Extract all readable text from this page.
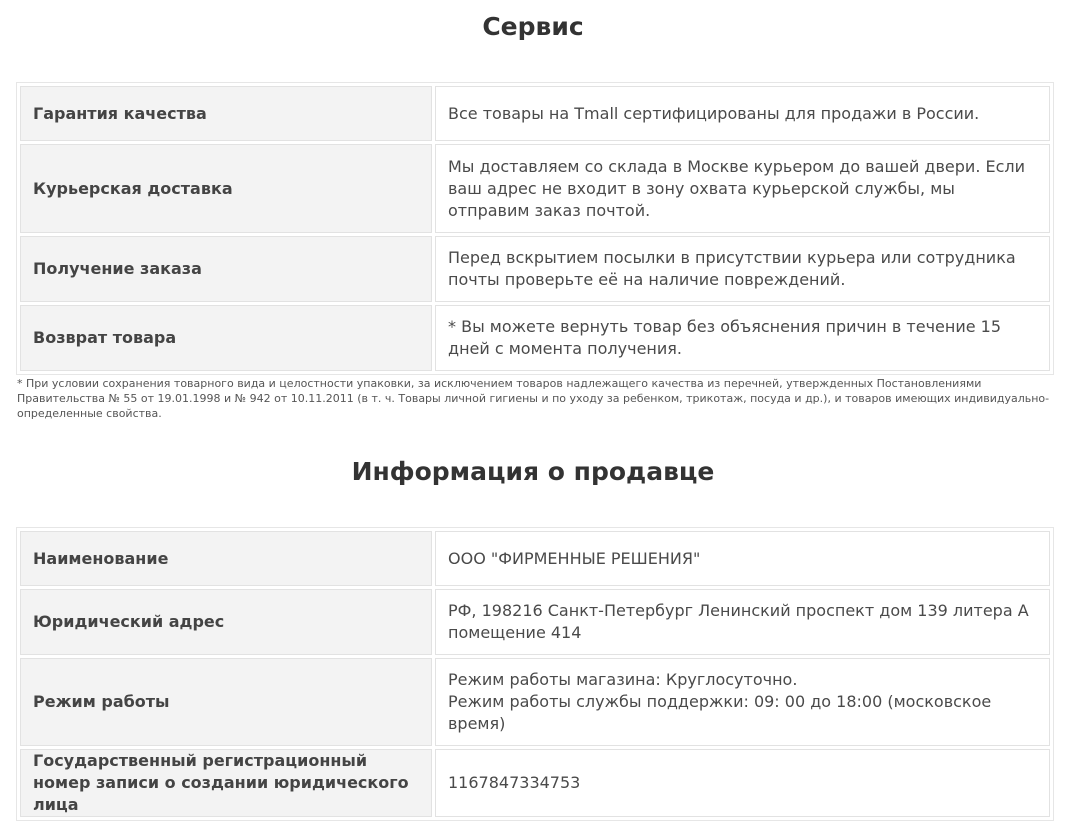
Сервис
Гарантия качества	Все товары на Tmall сертифицированы для продажи в России.
Курьерская доставка	Мы доставляем со склада в Москве курьером до вашей двери. Если ваш адрес не входит в зону охвата курьерской службы, мы отправим заказ почтой.
Получение заказа	Перед вскрытием посылки в присутствии курьера или сотрудника почты проверьте её на наличие повреждений.
Возврат товара	* Вы можете вернуть товар без объяснения причин в течение 15 дней с момента получения.

* При условии сохранения товарного вида и целостности упаковки, за исключением товаров надлежащего качества из перечней, утвержденных Постановлениями Правительства № 55 от 19.01.1998 и № 942 от 10.11.2011 (в т. ч. Товары личной гигиены и по уходу за ребенком, трикотаж, посуда и др.), и товаров имеющих индивидуально-определенные свойства.

Информация о продавце
Наименование	ООО "ФИРМЕННЫЕ РЕШЕНИЯ"
Юридический адрес	РФ, 198216 Санкт-Петербург Ленинский проспект дом 139 литера А помещение 414
Режим работы	Режим работы магазина: Круглосуточно.
Режим работы службы поддержки: 09: 00 до 18:00 (московское время)
Государственный регистрационный номер записи о создании юридического лица	1167847334753
